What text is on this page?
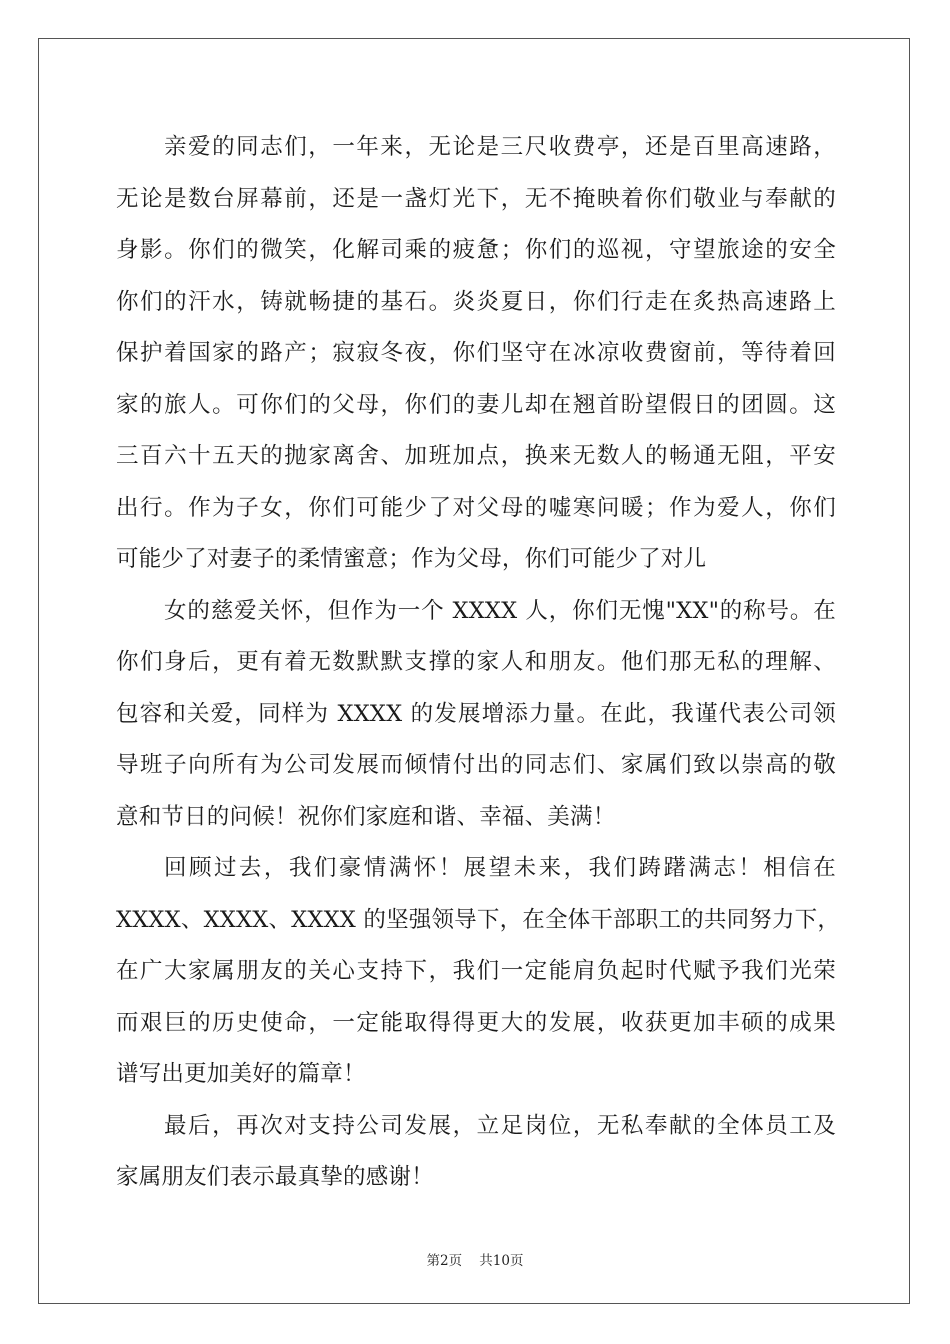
亲爱的同志们，一年来，无论是三尺收费亭，还是百里高速路，
无论是数台屏幕前，还是一盏灯光下，无不掩映着你们敬业与奉献的
身影。你们的微笑，化解司乘的疲惫；你们的巡视，守望旅途的安全
你们的汗水，铸就畅捷的基石。炎炎夏日，你们行走在炙热高速路上
保护着国家的路产；寂寂冬夜，你们坚守在冰凉收费窗前，等待着回
家的旅人。可你们的父母，你们的妻儿却在翘首盼望假日的团圆。这
三百六十五天的抛家离舍、加班加点，换来无数人的畅通无阻，平安
出行。作为子女，你们可能少了对父母的嘘寒问暖；作为爱人，你们
可能少了对妻子的柔情蜜意；作为父母，你们可能少了对儿
女的慈爱关怀，但作为一个 XXXX 人，你们无愧"XX"的称号。在
你们身后，更有着无数默默支撑的家人和朋友。他们那无私的理解、
包容和关爱，同样为 XXXX 的发展增添力量。在此，我谨代表公司领
导班子向所有为公司发展而倾情付出的同志们、家属们致以崇高的敬
意和节日的问候！祝你们家庭和谐、幸福、美满！
回顾过去，我们豪情满怀！展望未来，我们踌躇满志！相信在
XXXX、XXXX、XXXX 的坚强领导下，在全体干部职工的共同努力下，
在广大家属朋友的关心支持下，我们一定能肩负起时代赋予我们光荣
而艰巨的历史使命，一定能取得得更大的发展，收获更加丰硕的成果
谱写出更加美好的篇章！
最后，再次对支持公司发展，立足岗位，无私奉献的全体员工及
家属朋友们表示最真挚的感谢！
第2页 共10页
